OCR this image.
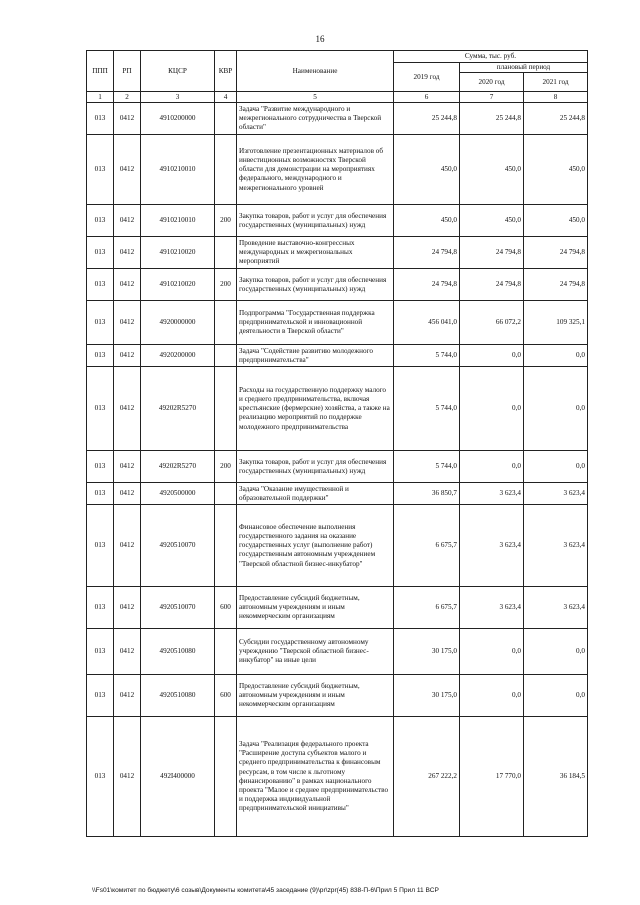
16
ППП	РП	КЦСР	КВР	Наименование	Сумма, тыс. руб.		
					2019 год	плановый период	
						2020 год	2021 год
1	2	3	4	5	6	7	8
013	0412	4910200000		Задача "Развитие международного и межрегионального сотрудничества в Тверской области"	25 244,8	25 244,8	25 244,8
013	0412	4910210010		Изготовление презентационных материалов об инвестиционных возможностях Тверской области для демонстрации на мероприятиях федерального, международного и межрегионального уровней	450,0	450,0	450,0
013	0412	4910210010	200	Закупка товаров, работ и услуг для обеспечения государственных (муниципальных) нужд	450,0	450,0	450,0
013	0412	4910210020		Проведение выставочно-конгрессных международных и межрегиональных мероприятий	24 794,8	24 794,8	24 794,8
013	0412	4910210020	200	Закупка товаров, работ и услуг для обеспечения государственных (муниципальных) нужд	24 794,8	24 794,8	24 794,8
013	0412	4920000000		Подпрограмма "Государственная поддержка предпринимательской и инновационной деятельности в Тверской области"	456 041,0	66 072,2	109 325,1
013	0412	4920200000		Задача "Содействие развитию молодежного предпринимательства"	5 744,0	0,0	0,0
013	0412	49202R5270		Расходы на государственную поддержку малого и среднего предпринимательства, включая крестьянские (фермерские) хозяйства, а также на реализацию мероприятий по поддержке молодежного предпринимательства	5 744,0	0,0	0,0
013	0412	49202R5270	200	Закупка товаров, работ и услуг для обеспечения государственных (муниципальных) нужд	5 744,0	0,0	0,0
013	0412	4920500000		Задача "Оказание имущественной и образовательной поддержки"	36 850,7	3 623,4	3 623,4
013	0412	4920510070		Финансовое обеспечение выполнения государственного задания на оказание государственных услуг (выполнение работ) государственным автономным учреждением "Тверской областной бизнес-инкубатор"	6 675,7	3 623,4	3 623,4
013	0412	4920510070	600	Предоставление субсидий бюджетным, автономным учреждениям и иным некоммерческим организациям	6 675,7	3 623,4	3 623,4
013	0412	4920510080		Субсидии государственному автономному учреждению "Тверской областной бизнес-инкубатор" на иные цели	30 175,0	0,0	0,0
013	0412	4920510080	600	Предоставление субсидий бюджетным, автономным учреждениям и иным некоммерческим организациям	30 175,0	0,0	0,0
013	0412	492I400000		Задача "Реализация федерального проекта "Расширение доступа субъектов малого и среднего предпринимательства к финансовым ресурсам, в том числе к льготному финансированию" в рамках национального проекта "Малое и среднее предпринимательство и поддержка индивидуальной предпринимательской инициативы"	267 222,2	17 770,0	36 184,5
\\Fs01\комитет по бюджету\6 созыв\Документы комитета\45 заседание (9)\pr\zpr(45) 838-П-6\Прил 5 Прил 11 ВСР
